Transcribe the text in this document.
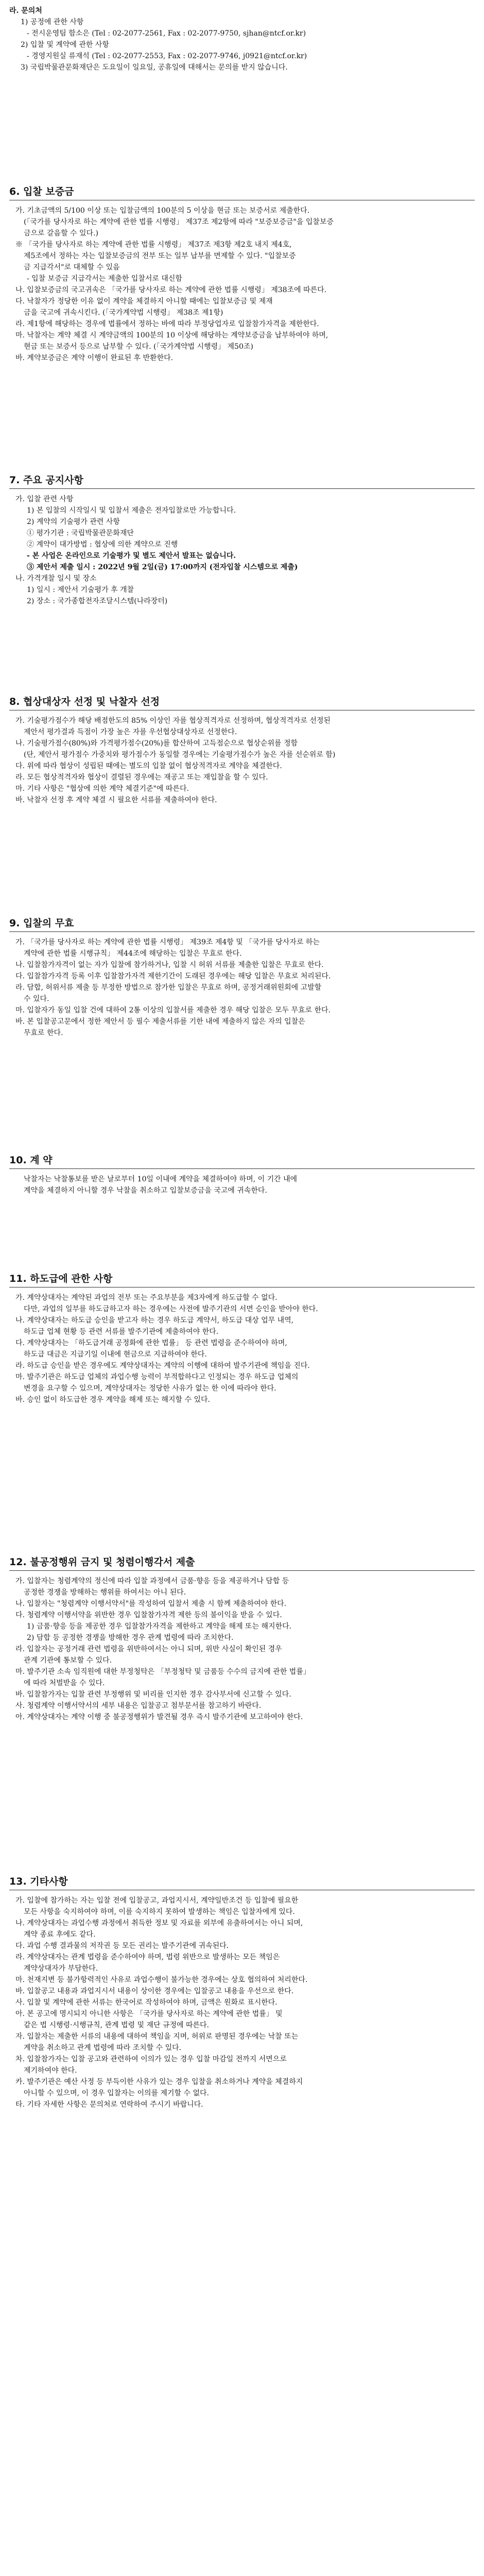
라. 문의처
1) 공정에 관한 사항
- 전시운영팀 함소은 (Tel : 02-2077-2561, Fax : 02-2077-9750, sjhan@ntcf.or.kr)
2) 입찰 및 계약에 관한 사항
- 경영지원실 류재석 (Tel : 02-2077-2553, Fax : 02-2077-9746, j0921@ntcf.or.kr)
3) 국립박물관문화재단은 도요일이 일요일, 공휴일에 대해서는 문의를 받지 않습니다.
6. 입찰 보증금
가. 기초금액의 5/100 이상 또는 입찰금액의 100분의 5 이상을 현금 또는 보증서로 제출한다.
(「국가를 당사자로 하는 계약에 관한 법률 시행령」 제37조 제2항에 따라 "보증보증금"을 입찰보증
금으로 갈음할 수 있다.)
※ 「국가를 당사자로 하는 계약에 관한 법률 시행령」 제37조 제3항 제2호 내지 제4호,
제5조에서 정하는 자는 입찰보증금의 전부 또는 일부 납부를 면제할 수 있다. "입찰보증
금 지급각서"로 대체할 수 있음
- 입찰 보증금 지급각서는 제출한 입찰서로 대신함
나. 입찰보증금의 국고귀속은 「국가를 당사자로 하는 계약에 관한 법률 시행령」 제38조에 따른다.
다. 낙찰자가 정당한 이유 없이 계약을 체결하지 아니할 때에는 입찰보증금 및 제재
금을 국고에 귀속시킨다. (「국가계약법 시행령」 제38조 제1항)
라. 제1항에 해당하는 경우에 법률에서 정하는 바에 따라 부정당업자로 입찰참가자격을 제한한다.
마. 낙찰자는 계약 체결 시 계약금액의 100분의 10 이상에 해당하는 계약보증금을 납부하여야 하며,
현금 또는 보증서 등으로 납부할 수 있다. (「국가계약법 시행령」 제50조)
바. 계약보증금은 계약 이행이 완료된 후 반환한다.
7. 주요 공지사항
가. 입찰 관련 사항
1) 본 입찰의 시작일시 및 입찰서 제출은 전자입찰로만 가능합니다.
2) 계약의 기술평가 관련 사항
① 평가기관 : 국립박물관문화재단
② 계약이 대가방법 : 협상에 의한 계약으로 진행
- 본 사업은 온라인으로 기술평가 및 별도 제안서 발표는 없습니다.
③ 제안서 제출 일시 : 2022년 9월 2일(금) 17:00까지 (전자입찰 시스템으로 제출)
나. 가격개찰 일시 및 장소
1) 일시 : 제안서 기술평가 후 개찰
2) 장소 : 국가종합전자조달시스템(나라장터)
8. 협상대상자 선정 및 낙찰자 선정
가. 기술평가점수가 해당 배점한도의 85% 이상인 자를 협상적격자로 선정하며, 협상적격자로 선정된
제안서 평가결과 득점이 가장 높은 자를 우선협상대상자로 선정한다.
나. 기술평가점수(80%)와 가격평가점수(20%)를 합산하여 고득점순으로 협상순위를 정함
(단, 제안서 평가점수 가중치와 평가점수가 동일할 경우에는 기술평가점수가 높은 자를 선순위로 함)
다. 위에 따라 협상이 성립된 때에는 별도의 입찰 없이 협상적격자로 계약을 체결한다.
라. 모든 협상적격자와 협상이 결렬된 경우에는 재공고 또는 재입찰을 할 수 있다.
마. 기타 사항은 "협상에 의한 계약 체결기준"에 따른다.
바. 낙찰자 선정 후 계약 체결 시 필요한 서류를 제출하여야 한다.
9. 입찰의 무효
가. 「국가를 당사자로 하는 계약에 관한 법률 시행령」 제39조 제4항 및 「국가를 당사자로 하는
계약에 관한 법률 시행규칙」 제44조에 해당하는 입찰은 무효로 한다.
나. 입찰참가자격이 없는 자가 입찰에 참가하거나, 입찰 시 허위 서류를 제출한 입찰은 무효로 한다.
다. 입찰참가자격 등록 이후 입찰참가자격 제한기간이 도래된 경우에는 해당 입찰은 무효로 처리된다.
라. 담합, 허위서류 제출 등 부정한 방법으로 참가한 입찰은 무효로 하며, 공정거래위원회에 고발할
수 있다.
마. 입찰자가 동일 입찰 건에 대하여 2통 이상의 입찰서를 제출한 경우 해당 입찰은 모두 무효로 한다.
바. 본 입찰공고문에서 정한 제안서 등 필수 제출서류를 기한 내에 제출하지 않은 자의 입찰은
무효로 한다.
10. 계 약
낙찰자는 낙찰통보를 받은 날로부터 10일 이내에 계약을 체결하여야 하며, 이 기간 내에
계약을 체결하지 아니할 경우 낙찰을 취소하고 입찰보증금을 국고에 귀속한다.
11. 하도급에 관한 사항
가. 계약상대자는 계약된 과업의 전부 또는 주요부분을 제3자에게 하도급할 수 없다.
다만, 과업의 일부를 하도급하고자 하는 경우에는 사전에 발주기관의 서면 승인을 받아야 한다.
나. 계약상대자는 하도급 승인을 받고자 하는 경우 하도급 계약서, 하도급 대상 업무 내역,
하도급 업체 현황 등 관련 서류를 발주기관에 제출하여야 한다.
다. 계약상대자는 「하도급거래 공정화에 관한 법률」 등 관련 법령을 준수하여야 하며,
하도급 대금은 지급기일 이내에 현금으로 지급하여야 한다.
라. 하도급 승인을 받은 경우에도 계약상대자는 계약의 이행에 대하여 발주기관에 책임을 진다.
마. 발주기관은 하도급 업체의 과업수행 능력이 부적합하다고 인정되는 경우 하도급 업체의
변경을 요구할 수 있으며, 계약상대자는 정당한 사유가 없는 한 이에 따라야 한다.
바. 승인 없이 하도급한 경우 계약을 해제 또는 해지할 수 있다.
12. 불공정행위 금지 및 청렴이행각서 제출
가. 입찰자는 청렴계약의 정신에 따라 입찰 과정에서 금품·향응 등을 제공하거나 담합 등
공정한 경쟁을 방해하는 행위를 하여서는 아니 된다.
나. 입찰자는 "청렴계약 이행서약서"를 작성하여 입찰서 제출 시 함께 제출하여야 한다.
다. 청렴계약 이행서약을 위반한 경우 입찰참가자격 제한 등의 불이익을 받을 수 있다.
1) 금품·향응 등을 제공한 경우 입찰참가자격을 제한하고 계약을 해제 또는 해지한다.
2) 담합 등 공정한 경쟁을 방해한 경우 관계 법령에 따라 조치한다.
라. 입찰자는 공정거래 관련 법령을 위반하여서는 아니 되며, 위반 사실이 확인된 경우
관계 기관에 통보할 수 있다.
마. 발주기관 소속 임직원에 대한 부정청탁은 「부정청탁 및 금품등 수수의 금지에 관한 법률」
에 따라 처벌받을 수 있다.
바. 입찰참가자는 입찰 관련 부정행위 및 비리를 인지한 경우 감사부서에 신고할 수 있다.
사. 청렴계약 이행서약서의 세부 내용은 입찰공고 첨부문서를 참고하기 바란다.
아. 계약상대자는 계약 이행 중 불공정행위가 발견될 경우 즉시 발주기관에 보고하여야 한다.
13. 기타사항
가. 입찰에 참가하는 자는 입찰 전에 입찰공고, 과업지시서, 계약일반조건 등 입찰에 필요한
모든 사항을 숙지하여야 하며, 이를 숙지하지 못하여 발생하는 책임은 입찰자에게 있다.
나. 계약상대자는 과업수행 과정에서 취득한 정보 및 자료를 외부에 유출하여서는 아니 되며,
계약 종료 후에도 같다.
다. 과업 수행 결과물의 저작권 등 모든 권리는 발주기관에 귀속된다.
라. 계약상대자는 관계 법령을 준수하여야 하며, 법령 위반으로 발생하는 모든 책임은
계약상대자가 부담한다.
마. 천재지변 등 불가항력적인 사유로 과업수행이 불가능한 경우에는 상호 협의하여 처리한다.
바. 입찰공고 내용과 과업지시서 내용이 상이한 경우에는 입찰공고 내용을 우선으로 한다.
사. 입찰 및 계약에 관한 서류는 한국어로 작성하여야 하며, 금액은 원화로 표시한다.
아. 본 공고에 명시되지 아니한 사항은 「국가를 당사자로 하는 계약에 관한 법률」 및
같은 법 시행령·시행규칙, 관계 법령 및 재단 규정에 따른다.
자. 입찰자는 제출한 서류의 내용에 대하여 책임을 지며, 허위로 판명된 경우에는 낙찰 또는
계약을 취소하고 관계 법령에 따라 조치할 수 있다.
차. 입찰참가자는 입찰 공고와 관련하여 이의가 있는 경우 입찰 마감일 전까지 서면으로
제기하여야 한다.
카. 발주기관은 예산 사정 등 부득이한 사유가 있는 경우 입찰을 취소하거나 계약을 체결하지
아니할 수 있으며, 이 경우 입찰자는 이의를 제기할 수 없다.
타. 기타 자세한 사항은 문의처로 연락하여 주시기 바랍니다.
